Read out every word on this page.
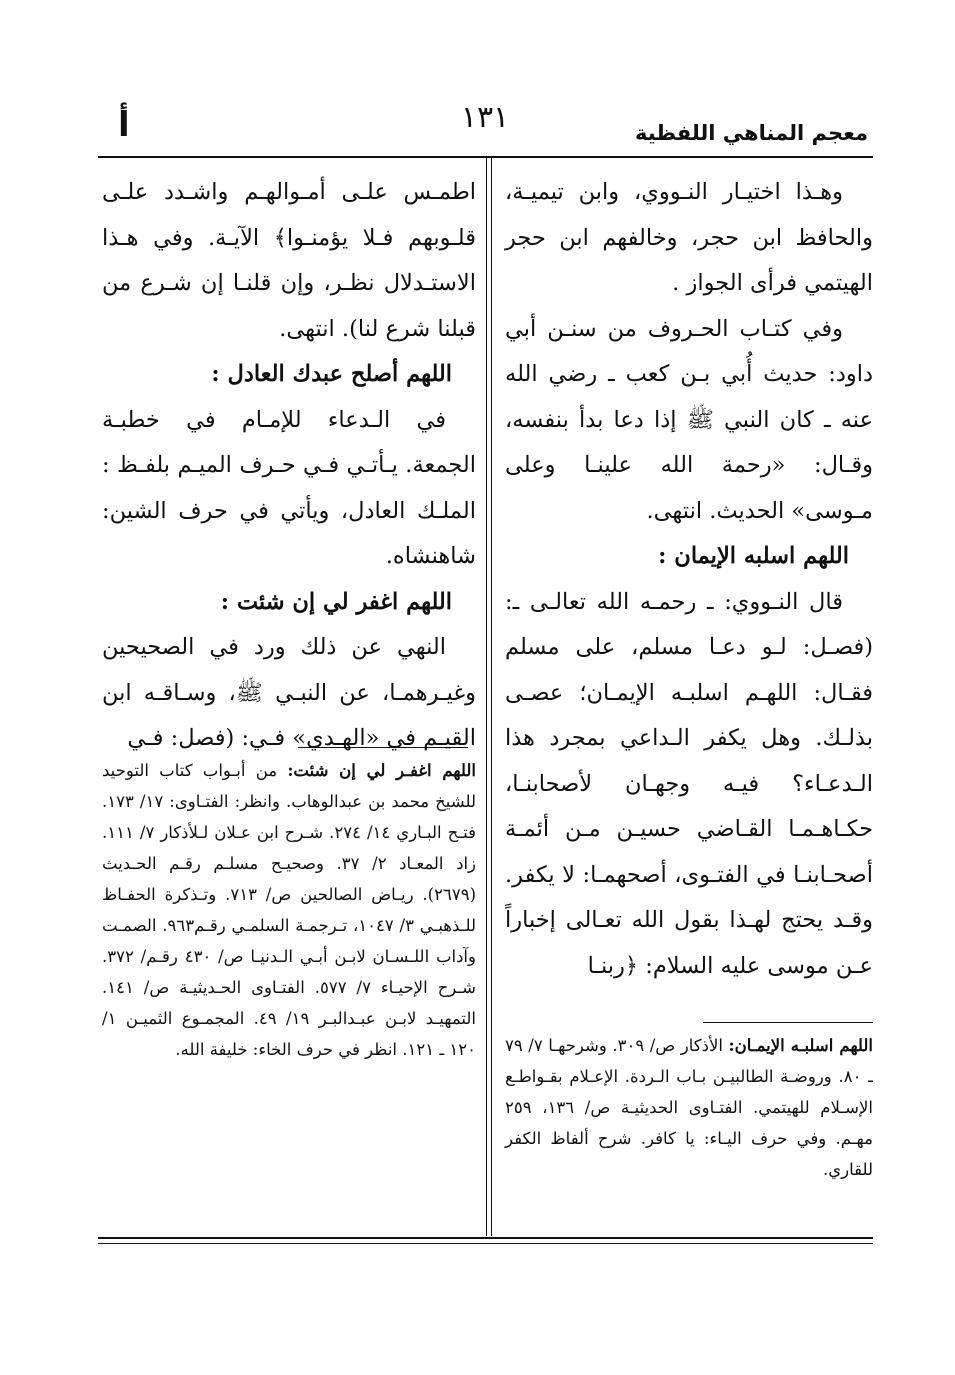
أ	١٣١	معجم المناهي اللفظية

وهـذا اختيـار النـووي، وابن تيميـة، والحافظ ابن حجر، وخالفهم ابن حجر الهيتمي فرأى الجواز .

وفي كتـاب الحـروف من سنـن أبي داود: حديث أُبي بـن كعب ـ رضي الله عنه ـ كان النبي ﷺ إذا دعا بدأ بنفسه، وقـال: «رحمة الله علينـا وعلى مـوسى» الحديث. انتهى.

اللهم اسلبه الإيمان :

قال النـووي: ـ رحمـه الله تعالـى ـ: (فصـل: لـو دعـا مسلم، على مسلم فقـال: اللهـم اسلبـه الإيمـان؛ عصـى بذلـك. وهل يكفر الـداعي بمجرد هذا الـدعـاء؟ فيـه وجهـان لأصحابنـا، حكـاهـمـا القـاضي حسيـن مـن أئمـة أصحـابنـا في الفتـوى، أصحهمـا: لا يكفر. وقـد يحتج لهـذا بقول الله تعـالى إخباراً عـن موسى عليه السلام: ﴿ربنـا

اللهم اسلبـه الإيمـان: الأذكار ص/ ٣٠٩. وشرحهـا ٧/ ٧٩ ـ ٨٠. وروضـة الطالبيـن بـاب الـردة. الإعـلام بقـواطـع الإسـلام للهيتمي. الفتـاوى الحديثيـة ص/ ١٣٦، ٢٥٩ مهـم. وفي حرف اليـاء: يا كافر. شرح ألفاظ الكفر للقاري.

اطمـس علـى أمـوالهـم واشـدد علـى قلـوبهم فـلا يؤمنـوا﴾ الآيـة. وفي هـذا الاستـدلال نظـر، وإن قلنـا إن شـرع من قبلنا شرع لنا). انتهى.

اللهم أصلح عبدك العادل :

في الـدعاء للإمـام في خطبـة الجمعة. يـأتـي فـي حـرف الميـم بلفـظ : الملـك العادل، ويأتي في حرف الشين: شاهنشاه.

اللهم اغفر لي إن شئت :

النهي عن ذلك ورد في الصحيحين وغيـرهمـا، عن النبـي ﷺ، وسـاقـه ابن القيـم في «الهـدي» فـي: (فصل: فـي

اللهم اغفـر لي إن شئت: من أبـواب كتاب التوحيد للشيخ محمد بن عبدالوهاب. وانظر: الفتـاوى: ١٧/ ١٧٣. فتـح البـاري ١٤/ ٢٧٤. شـرح ابن عـلان لـلأذكار ٧/ ١١١. زاد المعـاد ٢/ ٣٧. وصحيـح مسلـم رقـم الحـديث (٢٦٧٩). ريـاض الصالحين ص/ ٧١٣. وتـذكرة الحفـاظ للـذهبـي ٣/ ١٠٤٧، تـرجمـة السلمـي رقـم٩٦٣. الصمـت وآداب اللـسـان لابـن أبـي الـدنيـا ص/ ٤٣٠ رقـم/ ٣٧٢. شـرح الإحيـاء ٧/ ٥٧٧. الفتـاوى الحـديثيـة ص/ ١٤١. التمهيـد لابـن عبـدالبـر ١٩/ ٤٩. المجمـوع الثميـن ١/ ١٢٠ ـ ١٢١. انظر في حرف الخاء: خليفة الله.
